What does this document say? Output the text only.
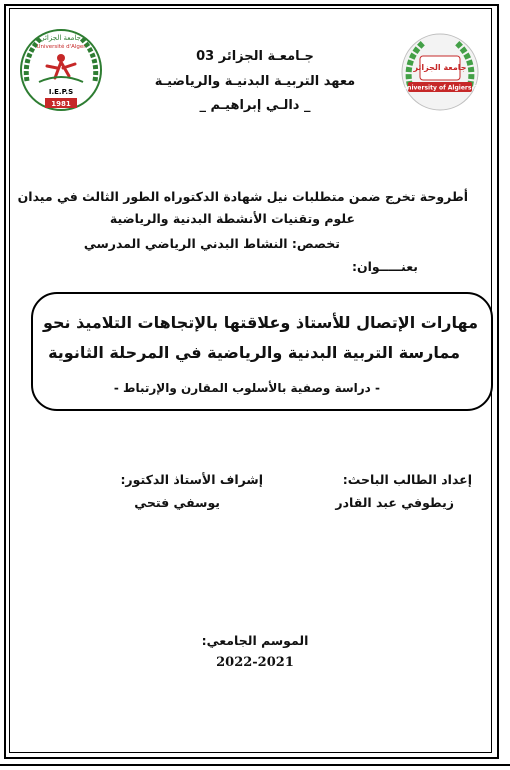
جامعة الجزائر
Université d'Alger
I.E.P.S
1981
جامعة الجزائر
University of Algiers 3
جـامعـة الجزائر 03
معهد التربيـة البدنيـة والرياضيـة
_ دالـي إبراهيـم _
أطروحة تخرج ضمن متطلبات نيل شهادة الدكتوراه الطور الثالث في ميدان
علوم وتقنيات الأنشطة البدنية والرياضية
تخصص: النشاط البدني الرياضي المدرسي
بعنـــــوان:
مهارات الإتصال للأستاذ وعلاقتها بالإتجاهات التلاميذ نحو
ممارسة التربية البدنية والرياضية في المرحلة الثانوية
- دراسة وصفية بالأسلوب المقارن والإرتباط -
إعداد الطالب الباحث:
زيطوفي عبد القادر
إشراف الأستاذ الدكتور:
يوسفي فتحي
الموسم الجامعي:
2022-2021
